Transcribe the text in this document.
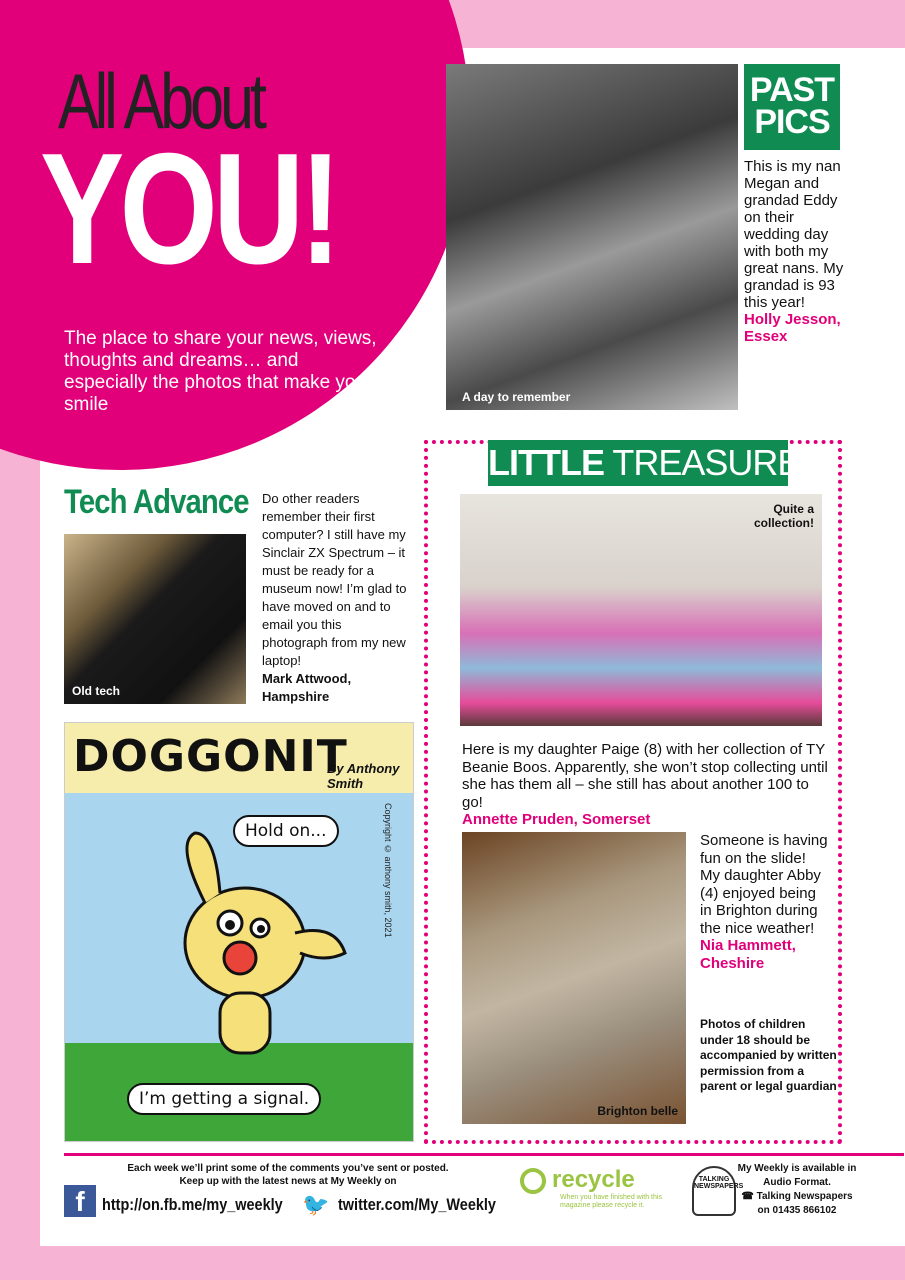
All About
YOU!
The place to share your news, views, thoughts and dreams… and especially the photos that make you smile	A day to remember
PAST
PICS
This is my nan Megan and grandad Eddy on their wedding day with both my great nans. My grandad is 93 this year!
Holly Jesson, Essex
Tech Advance
Old tech
Do other readers remember their first computer? I still have my Sinclair ZX Spectrum – it must be ready for a museum now! I’m glad to have moved on and to email you this photograph from my new laptop!
Mark Attwood, Hampshire
DOGGONIT
By Anthony Smith
Hold on...
I’m getting a signal.
Copyright © anthony smith, 2021
LITTLE TREASURES
Quite a collection!
Here is my daughter Paige (8) with her collection of TY Beanie Boos. Apparently, she won’t stop collecting until she has them all – she still has about another 100 to go!
Annette Pruden, Somerset
Brighton belle
Someone is having fun on the slide! My daughter Abby (4) enjoyed being in Brighton during the nice weather!
Nia Hammett, Cheshire
Photos of children under 18 should be accompanied by written permission from a parent or legal guardian
Each week we’ll print some of the comments you’ve sent or posted.
Keep up with the latest news at My Weekly on
f	http://on.fb.me/my_weekly 🐦 twitter.com/My_Weekly
recycle
When you have finished with this magazine please recycle it.
TALKING NEWSPAPERS
My Weekly is available in Audio Format.
☎ Talking Newspapers on 01435 866102
